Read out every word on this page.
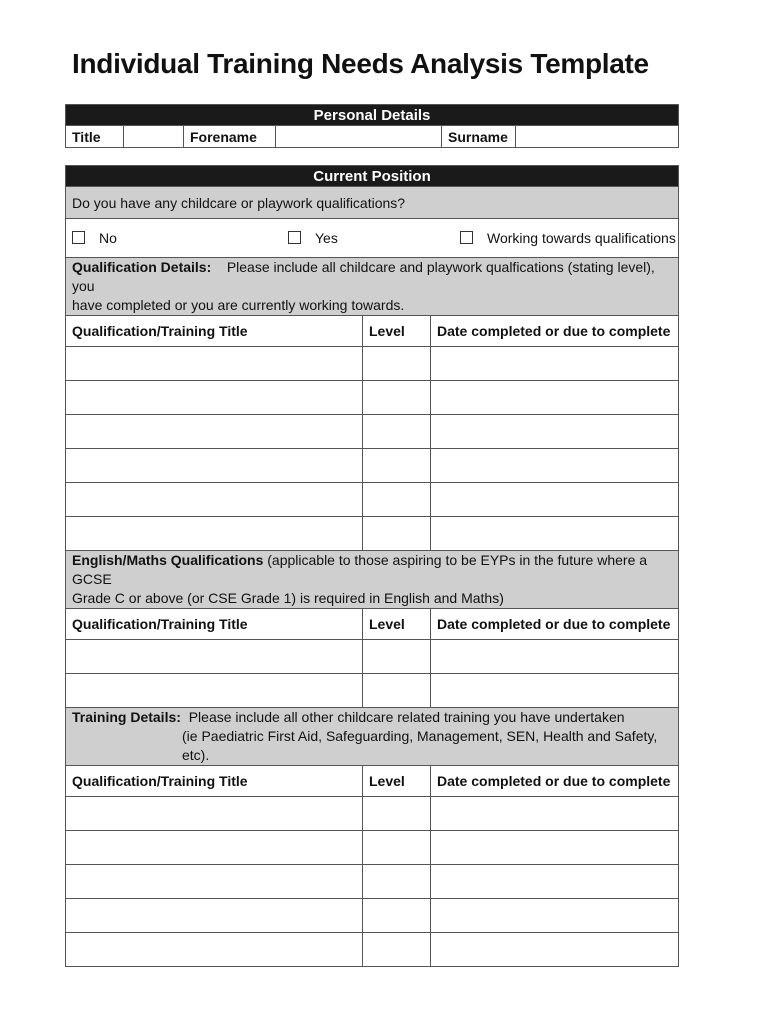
Individual Training Needs Analysis Template
Personal Details
Title		Forename		Surname	
Current Position		
Do you have any childcare or playwork qualifications?		
No Yes Working towards qualifications		
Qualification Details: Please include all childcare and playwork qualfications (stating level), you
have completed or you are currently working towards.		
Qualification/Training Title	Level	Date completed or due to complete

English/Maths Qualifications (applicable to those aspiring to be EYPs in the future where a GCSE
Grade C or above (or CSE Grade 1) is required in English and Maths)		
Qualification/Training Title	Level	Date completed or due to complete

Training Details: Please include all other childcare related training you have undertaken

(ie Paediatric First Aid, Safeguarding, Management, SEN, Health and Safety, etc).		

Qualification/Training Title	Level	Date completed or due to complete
